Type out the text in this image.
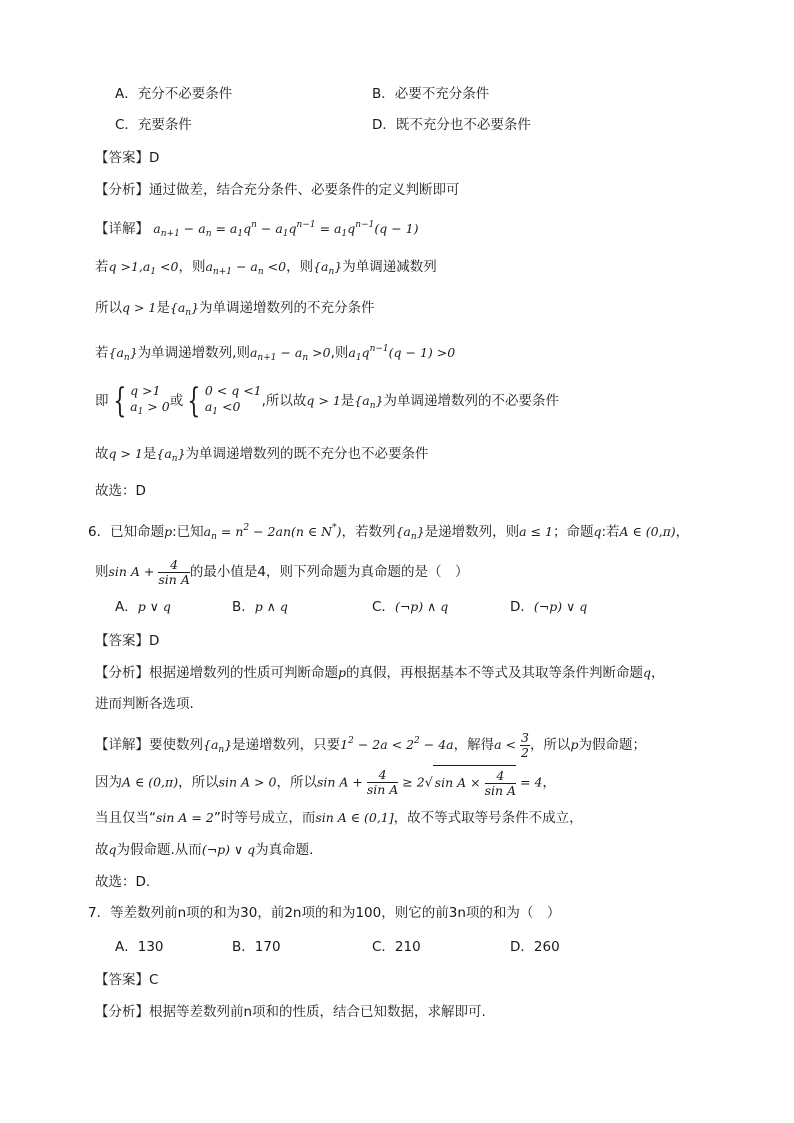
A．充分不必要条件	B．必要不充分条件
C．充要条件	D．既不充分也不必要条件
【答案】D
【分析】通过做差，结合充分条件、必要条件的定义判断即可
【详解】 $a_{n+1} - a_n = a_1q^n - a_1q^{n-1} = a_1q^{n-1}(q - 1)$
若$q >1,a_1 <0$，则$a_{n+1} - a_n <0$，则$\{a_n\}$为单调递减数列
所以q > 1是$\{a_n\}$为单调递增数列的不充分条件
若$\{a_n\}$为单调递增数列,则$a_{n+1} - a_n >0$,则$a_1q^{n-1}(q - 1) >0$
即 { q >1
$a_1 > 0$或 { 0 < q <1
$a_1 <0$ ,所以故q > 1是$\{a_n\}$为单调递增数列的不必要条件
故q > 1是$\{a_n\}$为单调递增数列的既不充分也不必要条件
故选：D
6．已知命题p:已知$a_n = n^2 - 2an(n$ ∈ N*)，若数列$\{a_n\}$是递增数列，则a ≤ 1；命题q:若A ∈ (0,π)，
则$\sin A + \frac{4}{\text{sin A}}$ 的最小值是4，则下列命题为真命题的是（　）
A．p ∨ q	B．p ∧ q	C．(¬p) ∧ q	D．(¬p) ∨ q
【答案】D
【分析】根据递增数列的性质可判断命题p的真假，再根据基本不等式及其取等条件判断命题q，
进而判断各选项.
【详解】要使数列$\{a_n\}$是递增数列，只要$1^2 - 2a < 2^2 - 4a$，解得$a < \frac{3}{2}$ ，所以p为假命题；
因为A ∈ (0,π)，所以sin A > 0，所以$\sin A + \frac{4}{\text{sin A}} \ge 2√$ $\sin A \times \frac{4}{\text{sin A}} = 4$，
当且仅当“sin A = 2”时等号成立，而sin A ∈ (0,1]，故不等式取等号条件不成立，
故q为假命题.从而(¬p) ∨ q为真命题.
故选：D.
7．等差数列前n项的和为30，前2n项的和为100，则它的前3n项的和为（　）
A．130	B．170	C．210	D．260
【答案】C
【分析】根据等差数列前n项和的性质，结合已知数据，求解即可.
